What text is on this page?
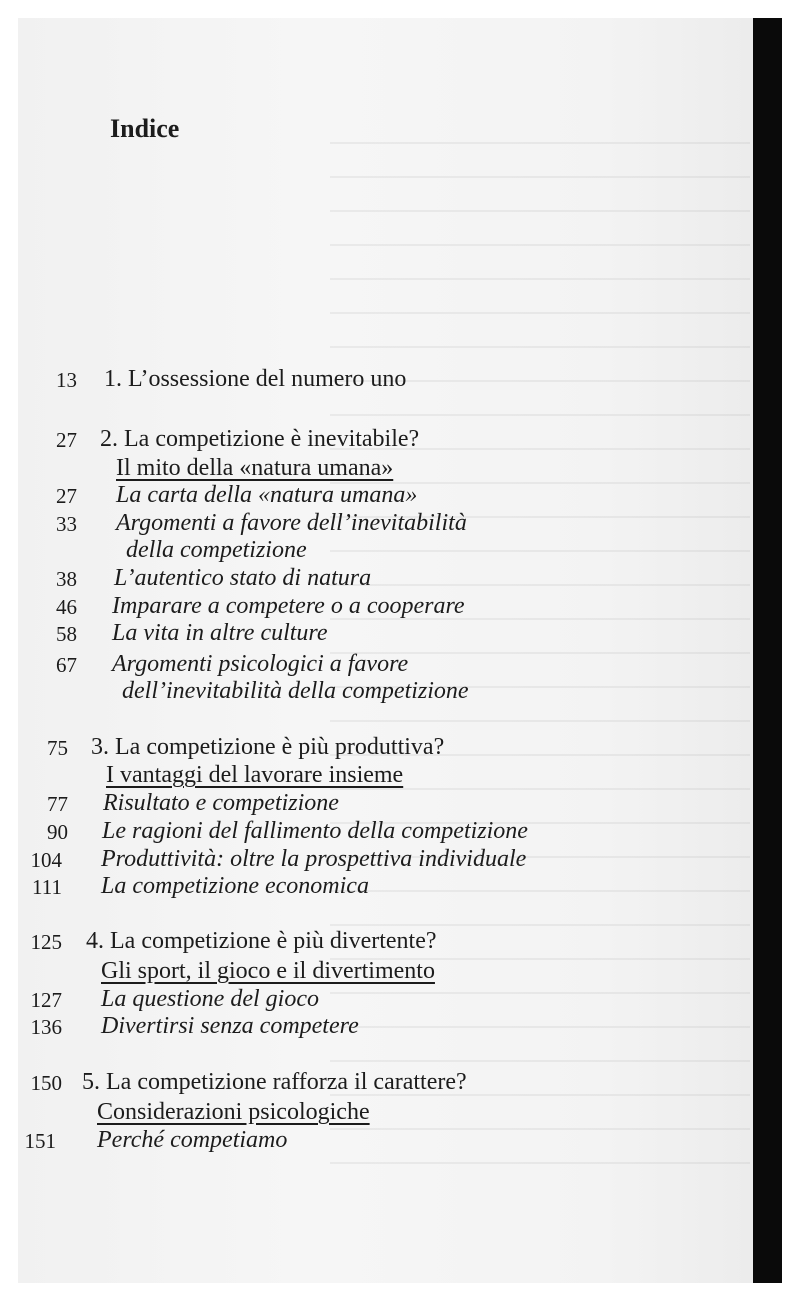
Indice
13 1. L’ossessione del numero uno
27 2. La competizione è inevitabile?
Il mito della «natura umana»
27 La carta della «natura umana»
33 Argomenti a favore dell’inevitabilità
della competizione
38 L’autentico stato di natura
46 Imparare a competere o a cooperare
58 La vita in altre culture
67 Argomenti psicologici a favore
dell’inevitabilità della competizione
75 3. La competizione è più produttiva?
I vantaggi del lavorare insieme
77 Risultato e competizione
90 Le ragioni del fallimento della competizione
104 Produttività: oltre la prospettiva individuale
111 La competizione economica
125 4. La competizione è più divertente?
Gli sport, il gioco e il divertimento
127 La questione del gioco
136 Divertirsi senza competere
150 5. La competizione rafforza il carattere?
Considerazioni psicologiche
151 Perché competiamo
